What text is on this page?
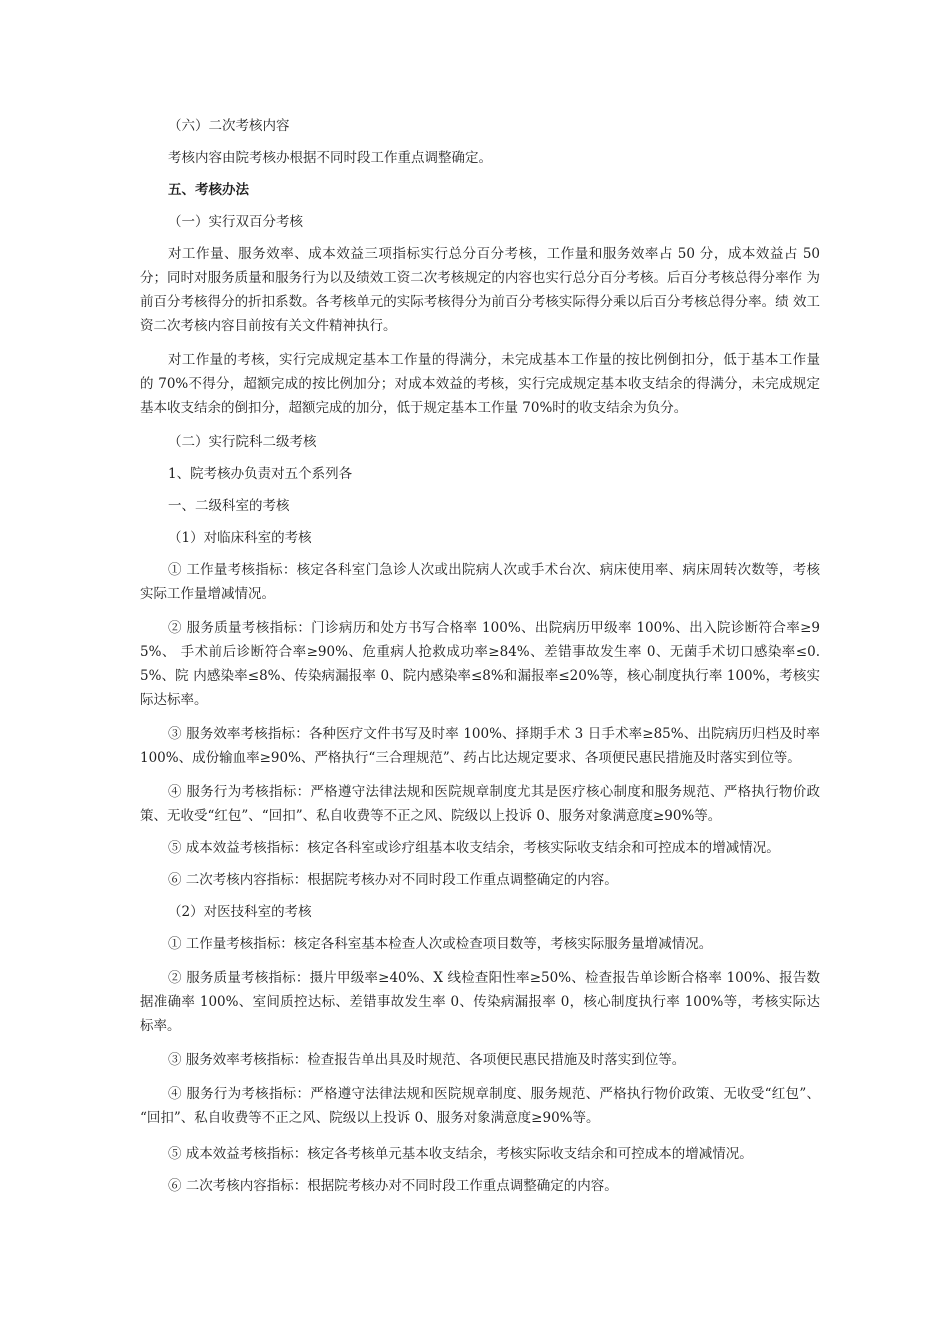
（六）二次考核内容

考核内容由院考核办根据不同时段工作重点调整确定。

五、考核办法

（一）实行双百分考核

对工作量、服务效率、成本效益三项指标实行总分百分考核，工作量和服务效率占 50 分，成本效益占 50 分；同时对服务质量和服务行为以及绩效工资二次考核规定的内容也实行总分百分考核。后百分考核总得分率作 为前百分考核得分的折扣系数。各考核单元的实际考核得分为前百分考核实际得分乘以后百分考核总得分率。绩 效工资二次考核内容目前按有关文件精神执行。

对工作量的考核，实行完成规定基本工作量的得满分，未完成基本工作量的按比例倒扣分，低于基本工作量 的 70%不得分，超额完成的按比例加分；对成本效益的考核，实行完成规定基本收支结余的得满分，未完成规定 基本收支结余的倒扣分，超额完成的加分，低于规定基本工作量 70%时的收支结余为负分。

（二）实行院科二级考核

1、院考核办负责对五个系列各

一、二级科室的考核

（1）对临床科室的考核

① 工作量考核指标：核定各科室门急诊人次或出院病人次或手术台次、病床使用率、病床周转次数等，考核 实际工作量增减情况。

② 服务质量考核指标：门诊病历和处方书写合格率 100%、出院病历甲级率 100%、出入院诊断符合率≥95%、 手术前后诊断符合率≥90%、危重病人抢救成功率≥84%、差错事故发生率 0、无菌手术切口感染率≤0.5%、院 内感染率≤8%、传染病漏报率 0、院内感染率≤8%和漏报率≤20%等，核心制度执行率 100%，考核实际达标率。

③ 服务效率考核指标：各种医疗文件书写及时率 100%、择期手术 3 日手术率≥85%、出院病历归档及时率 100%、成份输血率≥90%、严格执行“三合理规范”、药占比达规定要求、各项便民惠民措施及时落实到位等。

④ 服务行为考核指标：严格遵守法律法规和医院规章制度尤其是医疗核心制度和服务规范、严格执行物价政 策、无收受“红包”、“回扣”、私自收费等不正之风、院级以上投诉 0、服务对象满意度≥90%等。

⑤ 成本效益考核指标：核定各科室或诊疗组基本收支结余，考核实际收支结余和可控成本的增减情况。

⑥ 二次考核内容指标：根据院考核办对不同时段工作重点调整确定的内容。

（2）对医技科室的考核

① 工作量考核指标：核定各科室基本检查人次或检查项目数等，考核实际服务量增减情况。

② 服务质量考核指标：摄片甲级率≥40%、X 线检查阳性率≥50%、检查报告单诊断合格率 100%、报告数 据准确率 100%、室间质控达标、差错事故发生率 0、传染病漏报率 0，核心制度执行率 100%等，考核实际达 标率。

③ 服务效率考核指标：检查报告单出具及时规范、各项便民惠民措施及时落实到位等。

④ 服务行为考核指标：严格遵守法律法规和医院规章制度、服务规范、严格执行物价政策、无收受“红包”、 “回扣”、私自收费等不正之风、院级以上投诉 0、服务对象满意度≥90%等。

⑤ 成本效益考核指标：核定各考核单元基本收支结余，考核实际收支结余和可控成本的增减情况。

⑥ 二次考核内容指标：根据院考核办对不同时段工作重点调整确定的内容。
